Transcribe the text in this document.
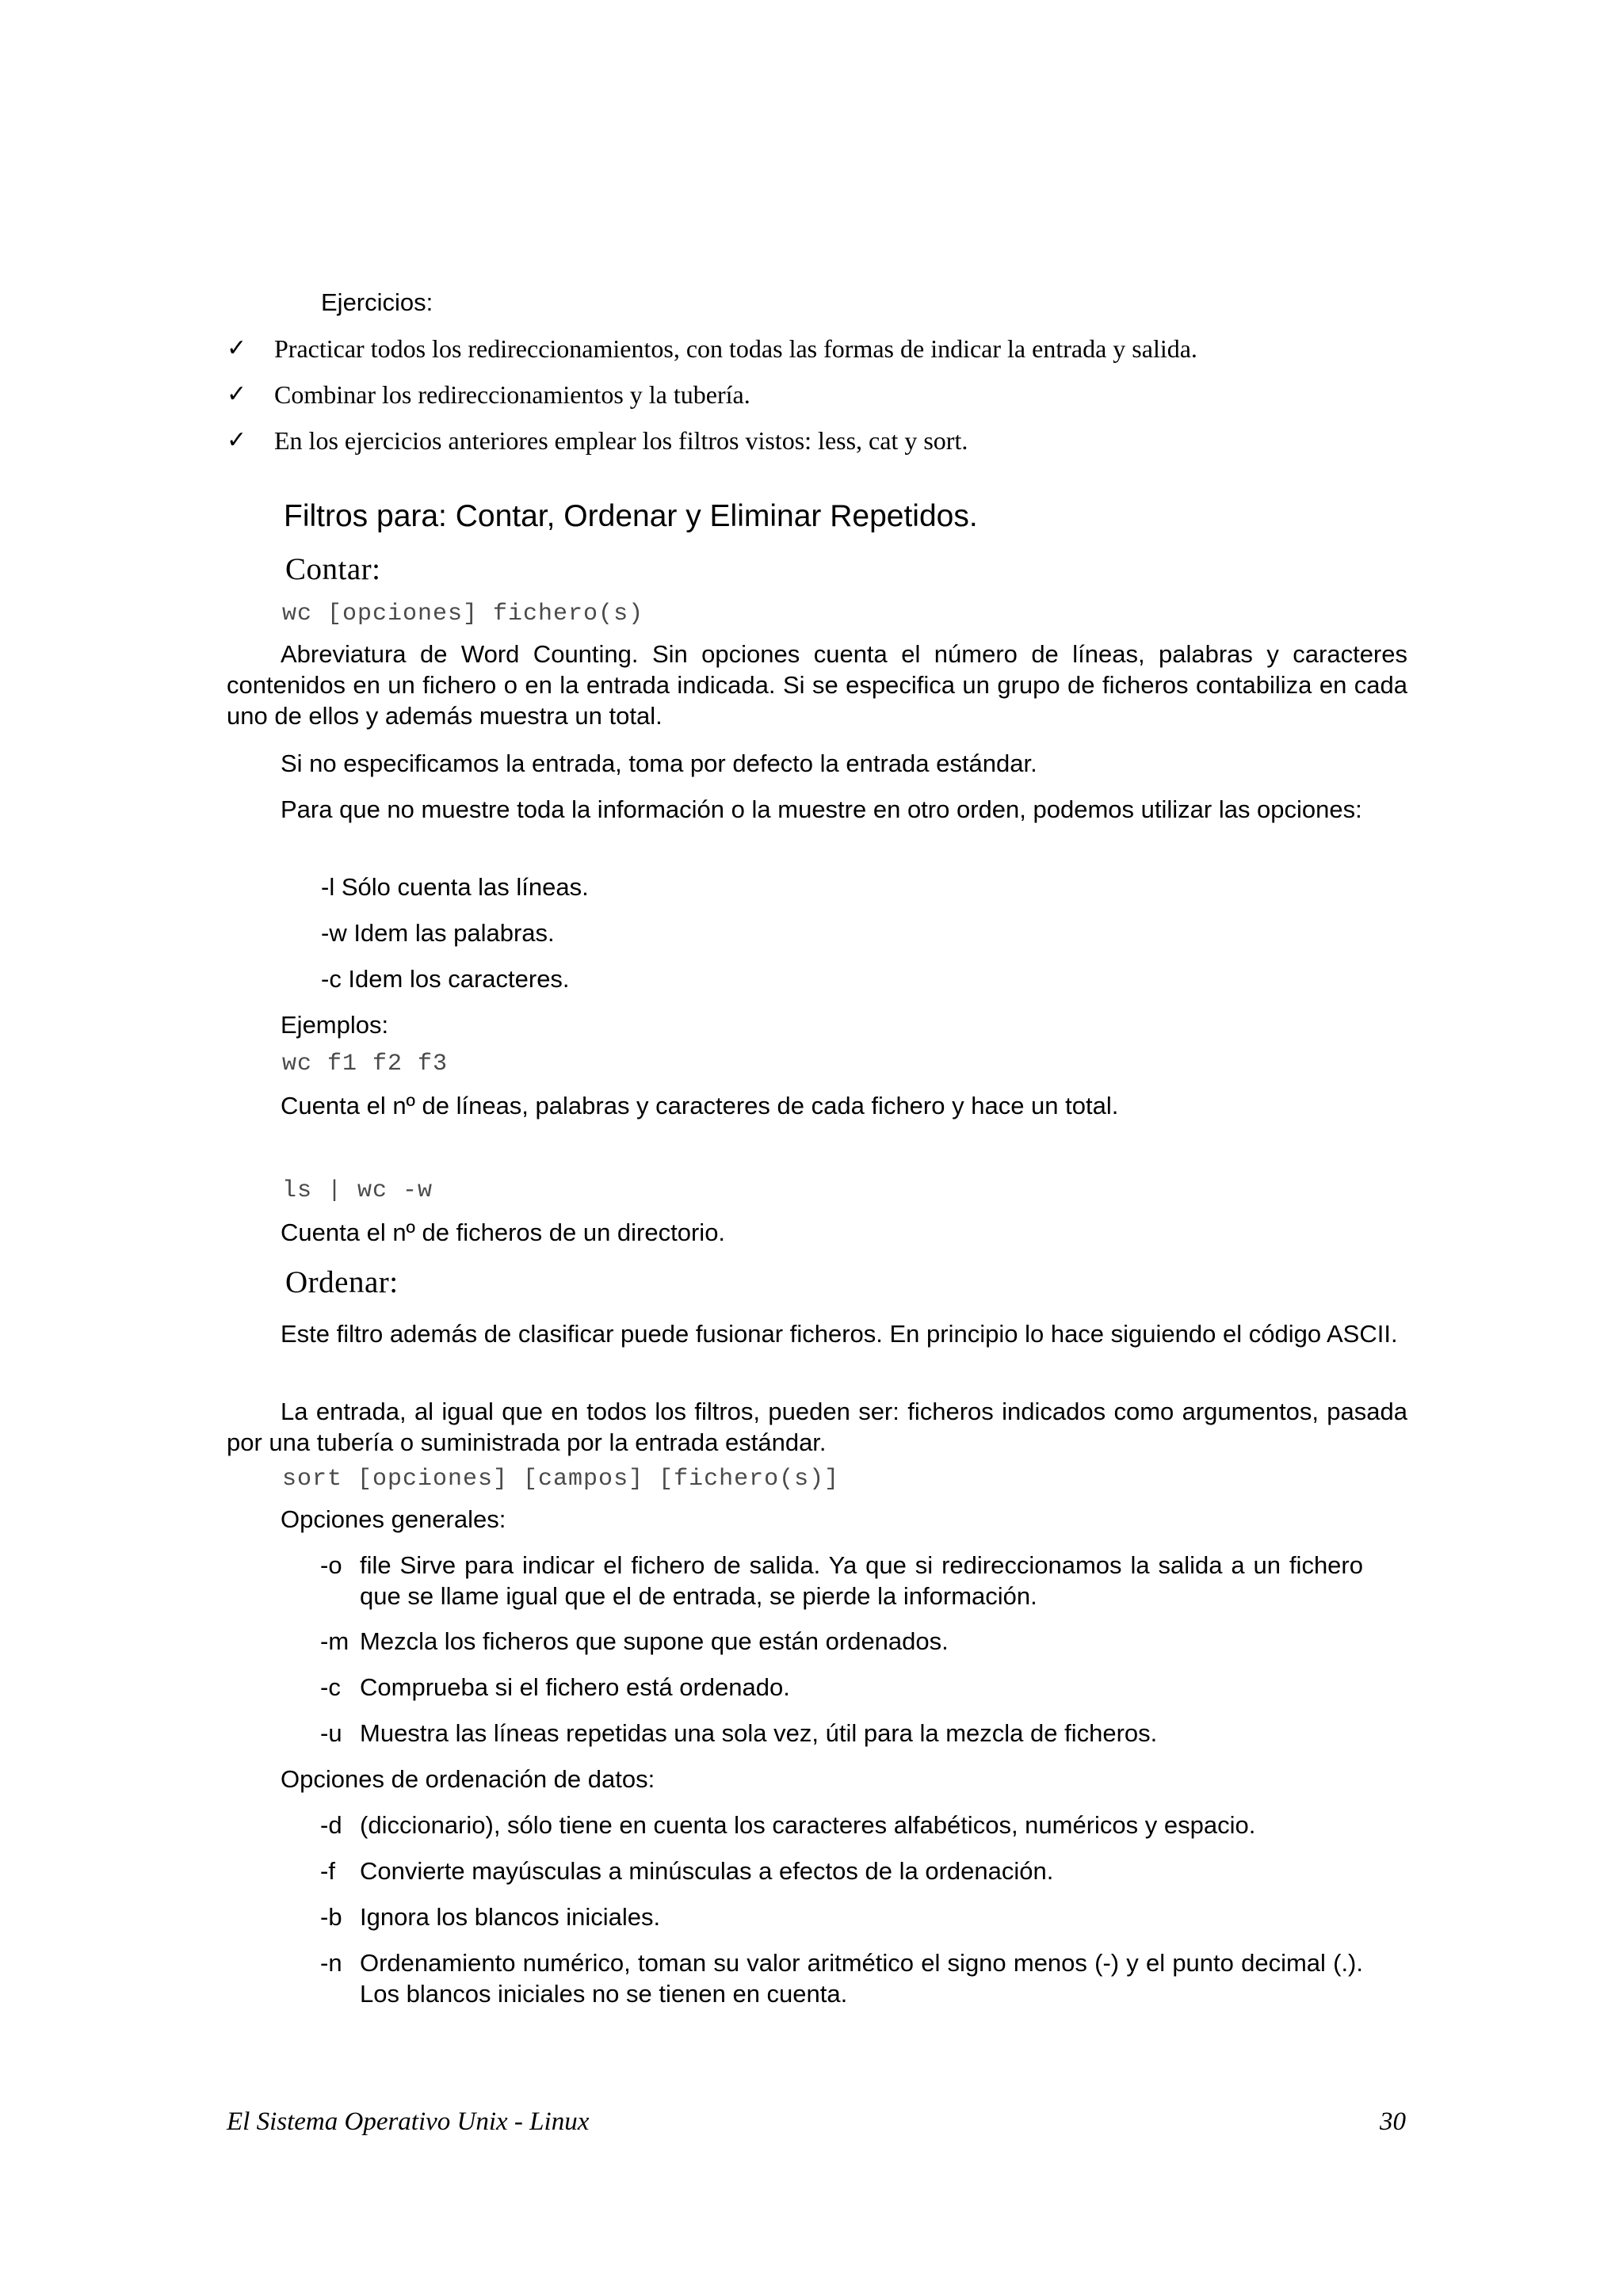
Ejercicios:
✓ Practicar todos los redireccionamientos, con todas las formas de indicar la entrada y salida.
✓ Combinar los redireccionamientos y la tubería.
✓ En los ejercicios anteriores emplear los filtros vistos: less, cat y sort.
Filtros para: Contar, Ordenar y Eliminar Repetidos.
Contar:
wc [opciones] fichero(s)
Abreviatura de Word Counting. Sin opciones cuenta el número de líneas, palabras y caracteres contenidos en un fichero o en la entrada indicada. Si se especifica un grupo de ficheros contabiliza en cada uno de ellos y además muestra un total.
Si no especificamos la entrada, toma por defecto la entrada estándar.
Para que no muestre toda la información o la muestre en otro orden, podemos utilizar las opciones:
-l Sólo cuenta las líneas.
-w Idem las palabras.
-c Idem los caracteres.
Ejemplos:
wc f1 f2 f3
Cuenta el nº de líneas, palabras y caracteres de cada fichero y hace un total.
ls | wc -w
Cuenta el nº de ficheros de un directorio.
Ordenar:
Este filtro además de clasificar puede fusionar ficheros. En principio lo hace siguiendo el código ASCII.
La entrada, al igual que en todos los filtros, pueden ser: ficheros indicados como argumentos, pasada por una tubería o suministrada por la entrada estándar.
sort [opciones] [campos] [fichero(s)]
Opciones generales:
-o file Sirve para indicar el fichero de salida. Ya que si redireccionamos la salida a un fichero que se llame igual que el de entrada, se pierde la información.
-m Mezcla los ficheros que supone que están ordenados.
-c Comprueba si el fichero está ordenado.
-u Muestra las líneas repetidas una sola vez, útil para la mezcla de ficheros.
Opciones de ordenación de datos:
-d (diccionario), sólo tiene en cuenta los caracteres alfabéticos, numéricos y espacio.
-f Convierte mayúsculas a minúsculas a efectos de la ordenación.
-b Ignora los blancos iniciales.
-n Ordenamiento numérico, toman su valor aritmético el signo menos (-) y el punto decimal (.). Los blancos iniciales no se tienen en cuenta.
El Sistema Operativo Unix - Linux	30
